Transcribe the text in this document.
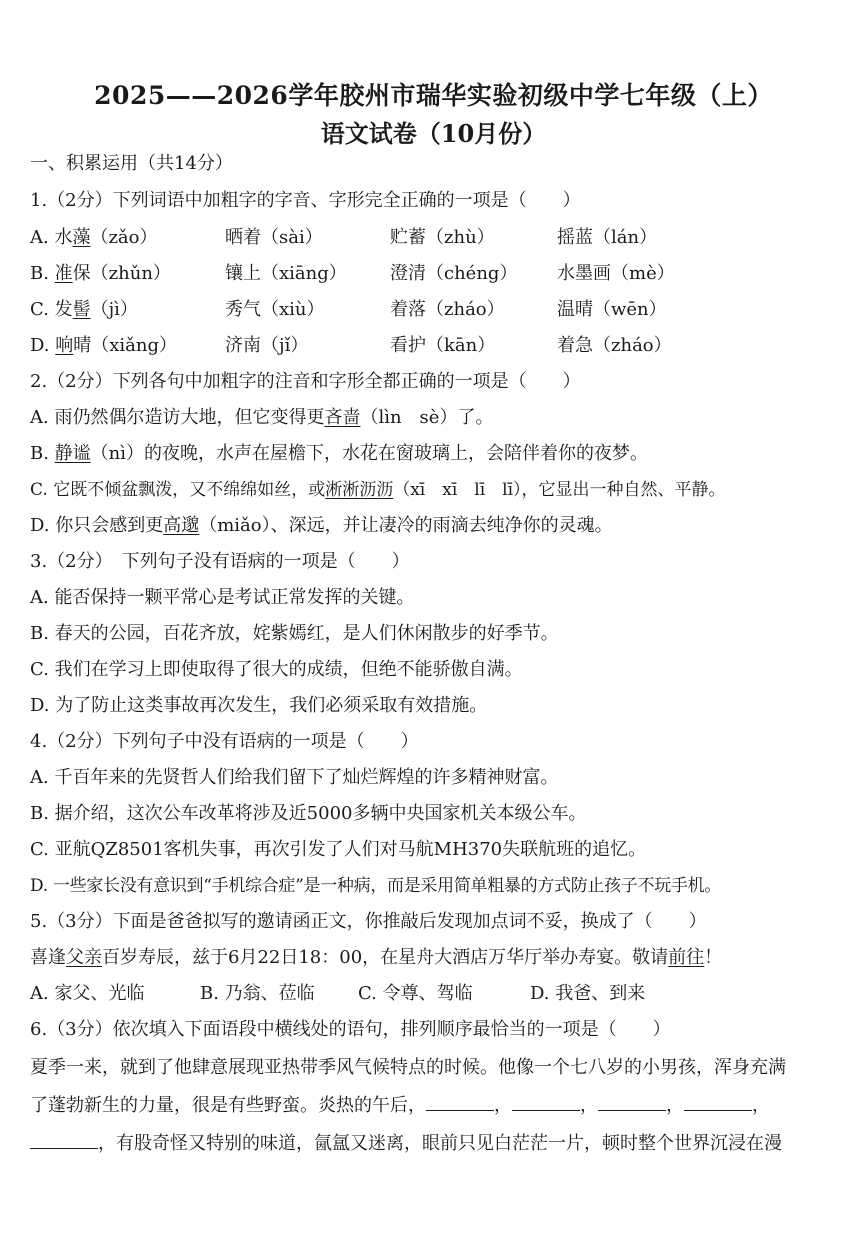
2025——2026学年胶州市瑞华实验初级中学七年级（上）
语文试卷（10月份）
一、积累运用（共14分）
1.（2分）下列词语中加粗字的字音、字形完全正确的一项是（　　）
A. 水藻（zǎo）	晒着（sài）	贮蓄（zhù）	摇蓝（lán）
B. 准保（zhǔn）	镶上（xiāng） 澄清（chéng） 水墨画（mè）
C. 发髻（jì）	秀气（xiù）	着落（zháo）	温晴（wēn）
D. 响晴（xiǎng）	济南（jǐ）	看护（kān）	着急（zháo）
2.（2分）下列各句中加粗字的注音和字形全都正确的一项是（　　）
A. 雨仍然偶尔造访大地，但它变得更吝啬（lìn　sè）了。
B. 静谧（nì）的夜晚，水声在屋檐下，水花在窗玻璃上，会陪伴着你的夜梦。
C. 它既不倾盆飘泼，又不绵绵如丝，或淅淅沥沥（xī　xī　lī　lī），它显出一种自然、平静。
D. 你只会感到更高邈（miǎo）、深远，并让凄冷的雨滴去纯净你的灵魂。
3.（2分）　下列句子没有语病的一项是（　　）
A. 能否保持一颗平常心是考试正常发挥的关键。
B. 春天的公园，百花齐放，姹紫嫣红，是人们休闲散步的好季节。
C. 我们在学习上即使取得了很大的成绩，但绝不能骄傲自满。
D. 为了防止这类事故再次发生，我们必须采取有效措施。
4.（2分）下列句子中没有语病的一项是（　　）
A. 千百年来的先贤哲人们给我们留下了灿烂辉煌的许多精神财富。
B. 据介绍，这次公车改革将涉及近5000多辆中央国家机关本级公车。
C. 亚航QZ8501客机失事，再次引发了人们对马航MH370失联航班的追忆。
D. 一些家长没有意识到“手机综合症”是一种病，而是采用简单粗暴的方式防止孩子不玩手机。
5.（3分）下面是爸爸拟写的邀请函正文，你推敲后发现加点词不妥，换成了（　　）
喜逢父亲百岁寿辰，兹于6月22日18：00，在星舟大酒店万华厅举办寿宴。敬请前往！
A. 家父、光临	B. 乃翁、莅临 C. 令尊、驾临	D. 我爸、到来
6.（3分）依次填入下面语段中横线处的语句，排列顺序最恰当的一项是（　　）
夏季一来，就到了他肆意展现亚热带季风气候特点的时候。他像一个七八岁的小男孩，浑身充满
了蓬勃新生的力量，很是有些野蛮。炎热的午后，	，	，	，	，
，有股奇怪又特别的味道，氤氲又迷离，眼前只见白茫茫一片，顿时整个世界沉浸在漫
